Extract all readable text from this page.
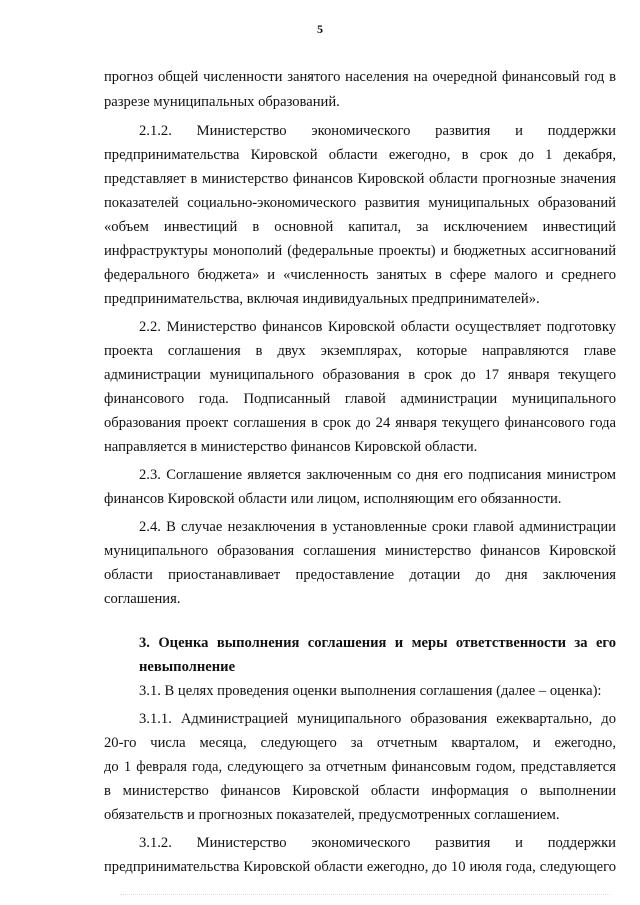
5
прогноз общей численности занятого населения на очередной финансовый год в
разрезе муниципальных образований.
2.1.2. Министерство экономического развития и поддержки
предпринимательства Кировской области ежегодно, в срок до 1 декабря,
представляет в министерство финансов Кировской области прогнозные значения
показателей социально-экономического развития муниципальных образований
«объем инвестиций в основной капитал, за исключением инвестиций
инфраструктуры монополий (федеральные проекты) и бюджетных ассигнований
федерального бюджета» и «численность занятых в сфере малого и среднего
предпринимательства, включая индивидуальных предпринимателей».
2.2. Министерство финансов Кировской области осуществляет подготовку
проекта соглашения в двух экземплярах, которые направляются главе
администрации муниципального образования в срок до 17 января текущего
финансового года. Подписанный главой администрации муниципального
образования проект соглашения в срок до 24 января текущего финансового года
направляется в министерство финансов Кировской области.
2.3. Соглашение является заключенным со дня его подписания министром
финансов Кировской области или лицом, исполняющим его обязанности.
2.4. В случае незаключения в установленные сроки главой администрации
муниципального образования соглашения министерство финансов Кировской
области приостанавливает предоставление дотации до дня заключения
соглашения.
3. Оценка выполнения соглашения и меры ответственности за его
невыполнение
3.1. В целях проведения оценки выполнения соглашения (далее – оценка):
3.1.1. Администрацией муниципального образования ежеквартально, до
20-го числа месяца, следующего за отчетным кварталом, и ежегодно,
до 1 февраля года, следующего за отчетным финансовым годом, представляется
в министерство финансов Кировской области информация о выполнении
обязательств и прогнозных показателей, предусмотренных соглашением.
3.1.2. Министерство экономического развития и поддержки
предпринимательства Кировской области ежегодно, до 10 июля года, следующего
